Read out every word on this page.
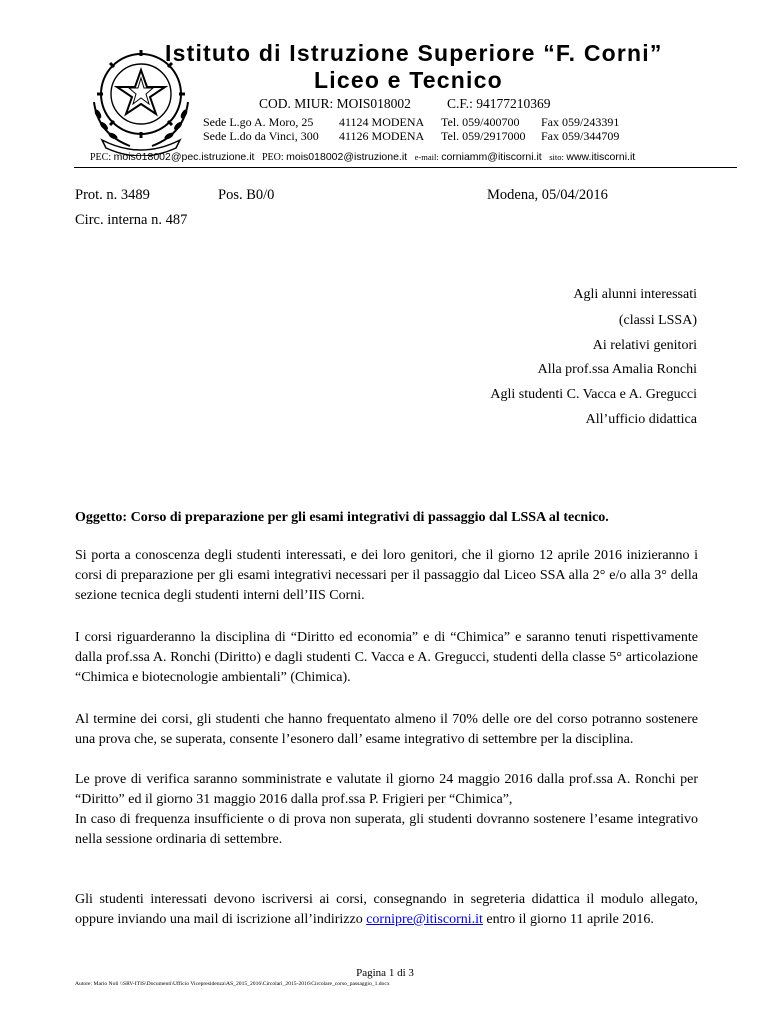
Istituto di Istruzione Superiore “F. Corni”
Liceo e Tecnico
COD. MIUR: MOIS018002	C.F.: 94177210369
Sede L.go A. Moro, 25 41124 MODENA Tel. 059/400700 Fax 059/243391
Sede L.do da Vinci, 300 41126 MODENA Tel. 059/2917000 Fax 059/344709
PEC: mois018002@pec.istruzione.it PEO: mois018002@istruzione.it e-mail: corniamm@itiscorni.it sito: www.itiscorni.it
Prot. n. 3489	Pos. B0/0	Modena, 05/04/2016
Circ. interna n. 487
Agli alunni interessati
(classi LSSA)
Ai relativi genitori
Alla prof.ssa Amalia Ronchi
Agli studenti C. Vacca e A. Gregucci
All’ufficio didattica
Oggetto: Corso di preparazione per gli esami integrativi di passaggio dal LSSA al tecnico.
Si porta a conoscenza degli studenti interessati, e dei loro genitori, che il giorno 12 aprile 2016 inizieranno i corsi di preparazione per gli esami integrativi necessari per il passaggio dal Liceo SSA alla 2° e/o alla 3° della sezione tecnica degli studenti interni dell’IIS Corni.
I corsi riguarderanno la disciplina di “Diritto ed economia” e di “Chimica” e saranno tenuti rispettivamente dalla prof.ssa A. Ronchi (Diritto) e dagli studenti C. Vacca e A. Gregucci, studenti della classe 5° articolazione “Chimica e biotecnologie ambientali” (Chimica).
Al termine dei corsi, gli studenti che hanno frequentato almeno il 70% delle ore del corso potranno sostenere una prova che, se superata, consente l’esonero dall’ esame integrativo di settembre per la disciplina.
Le prove di verifica saranno somministrate e valutate il giorno 24 maggio 2016 dalla prof.ssa A. Ronchi per “Diritto” ed il giorno 31 maggio 2016 dalla prof.ssa P. Frigieri per “Chimica”,
In caso di frequenza insufficiente o di prova non superata, gli studenti dovranno sostenere l’esame integrativo nella sessione ordinaria di settembre.
Gli studenti interessati devono iscriversi ai corsi, consegnando in segreteria didattica il modulo allegato, oppure inviando una mail di iscrizione all’indirizzo cornipre@itiscorni.it entro il giorno 11 aprile 2016.
Pagina 1 di 3
Autore: Mario Noli \\SRV-ITIS\Documenti\Ufficio Vicepresidenza\AS_2015_2016\Circolari_2015-2016\Circolare_corso_passaggio_1.docx
